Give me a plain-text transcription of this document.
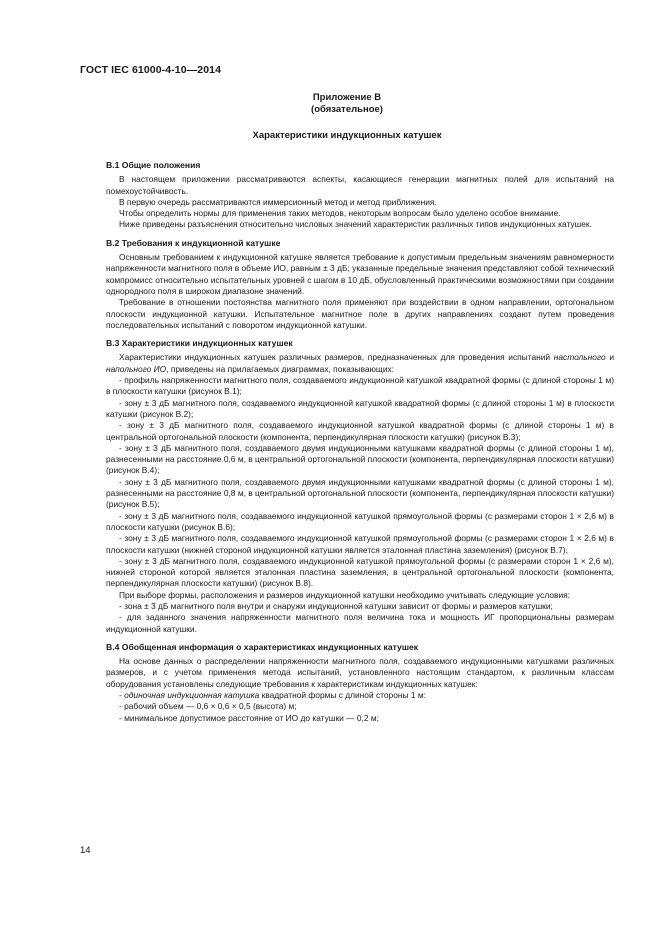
ГОСТ IEC 61000-4-10—2014
Приложение В
(обязательное)
Характеристики индукционных катушек
В.1 Общие положения

В настоящем приложении рассматриваются аспекты, касающиеся генерации магнитных полей для испытаний на помехоустойчивость.

В первую очередь рассматриваются иммерсионный метод и метод приближения.

Чтобы определить нормы для применения таких методов, некоторым вопросам было уделено особое внимание.

Ниже приведены разъяснения относительно числовых значений характеристик различных типов индукционных катушек.

В.2 Требования к индукционной катушке

Основным требованием к индукционной катушке является требование к допустимым предельным значениям равномерности напряженности магнитного поля в объеме ИО, равным ± 3 дБ; указанные предельные значения представляют собой технический компромисс относительно испытательных уровней с шагом в 10 дБ, обусловленный практическими возможностями при создании однородного поля в широком диапазоне значений.

Требование в отношении постоянства магнитного поля применяют при воздействии в одном направлении, ортогональном плоскости индукционной катушки. Испытательное магнитное поле в других направлениях создают путем проведения последовательных испытаний с поворотом индукционной катушки.

В.3 Характеристики индукционных катушек

Характеристики индукционных катушек различных размеров, предназначенных для проведения испытаний настольного и напольного ИО, приведены на прилагаемых диаграммах, показывающих:

- профиль напряженности магнитного поля, создаваемого индукционной катушкой квадратной формы (с длиной стороны 1 м) в плоскости катушки (рисунок В.1);

- зону ± 3 дБ магнитного поля, создаваемого индукционной катушкой квадратной формы (с длиной стороны 1 м) в плоскости катушки (рисунок В.2);

- зону ± 3 дБ магнитного поля, создаваемого индукционной катушкой квадратной формы (с длиной стороны 1 м) в центральной ортогональной плоскости (компонента, перпендикулярная плоскости катушки) (рисунок В.3);

- зону ± 3 дБ магнитного поля, создаваемого двумя индукционными катушками квадратной формы (с длиной стороны 1 м), разнесенными на расстояние 0,6 м, в центральной ортогональной плоскости (компонента, перпендикулярная плоскости катушки) (рисунок В.4);

- зону ± 3 дБ магнитного поля, создаваемого двумя индукционными катушками квадратной формы (с длиной стороны 1 м), разнесенными на расстояние 0,8 м, в центральной ортогональной плоскости (компонента, перпендикулярная плоскости катушки) (рисунок В.5);

- зону ± 3 дБ магнитного поля, создаваемого индукционной катушкой прямоугольной формы (с размерами сторон 1 × 2,6 м) в плоскости катушки (рисунок В.6);

- зону ± 3 дБ магнитного поля, создаваемого индукционной катушкой прямоугольной формы (с размерами сторон 1 × 2,6 м) в плоскости катушки (нижней стороной индукционной катушки является эталонная пластина заземления) (рисунок В.7);

- зону ± 3 дБ магнитного поля, создаваемого индукционной катушкой прямоугольной формы (с размерами сторон 1 × 2,6 м), нижней стороной которой является эталонная пластина заземления, в центральной ортогональной плоскости (компонента, перпендикулярная плоскости катушки) (рисунок В.8).

При выборе формы, расположения и размеров индукционной катушки необходимо учитывать следующие условия:

- зона ± 3 дБ магнитного поля внутри и снаружи индукционной катушки зависит от формы и размеров катушки;

- для заданного значения напряженности магнитного поля величина тока и мощность ИГ пропорциональны размерам индукционной катушки.

В.4 Обобщенная информация о характеристиках индукционных катушек

На основе данных о распределении напряженности магнитного поля, создаваемого индукционными катушками различных размеров, и с учетом применения метода испытаний, установленного настоящим стандартом, к различным классам оборудования установлены следующие требования к характеристикам индукционных катушек:

- одиночная индукционная катушка квадратной формы с длиной стороны 1 м:

- рабочий объем — 0,6 × 0,6 × 0,5 (высота) м;

- минимальное допустимое расстояние от ИО до катушки — 0,2 м;

14
